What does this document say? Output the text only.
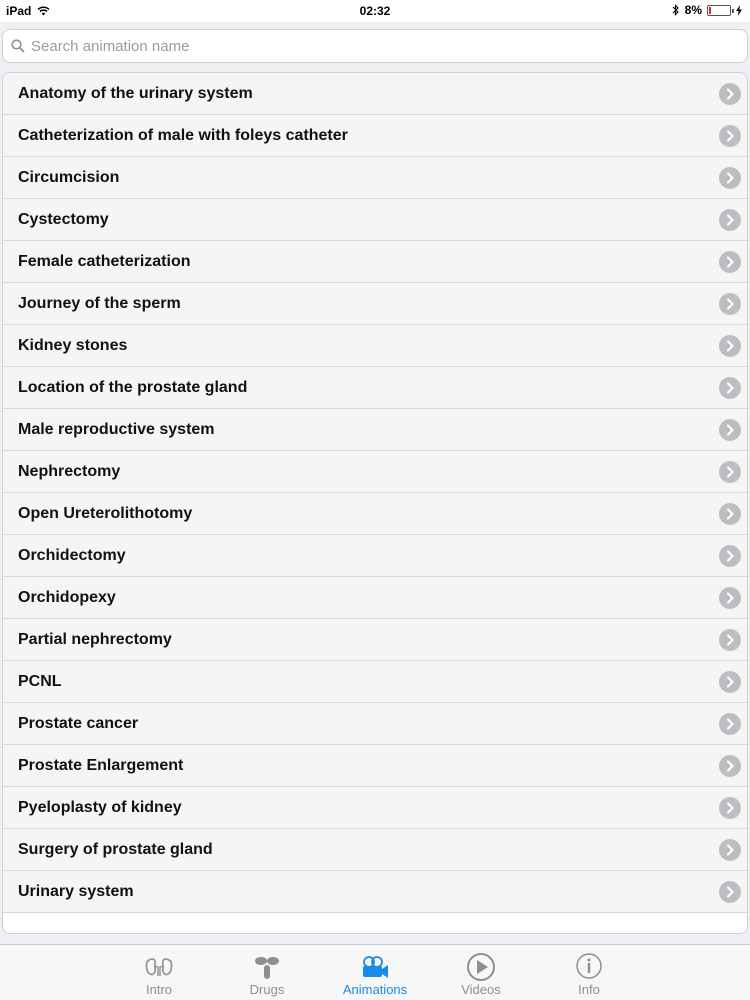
iPad	02:32	8%
Search animation name
Anatomy of the urinary system
Catheterization of male with foleys catheter
Circumcision
Cystectomy
Female catheterization
Journey of the sperm
Kidney stones
Location of the prostate gland
Male reproductive system
Nephrectomy
Open Ureterolithotomy
Orchidectomy
Orchidopexy
Partial nephrectomy
PCNL
Prostate cancer
Prostate Enlargement
Pyeloplasty of kidney
Surgery of prostate gland
Urinary system
Intro	Drugs	Animations	Videos	Info
